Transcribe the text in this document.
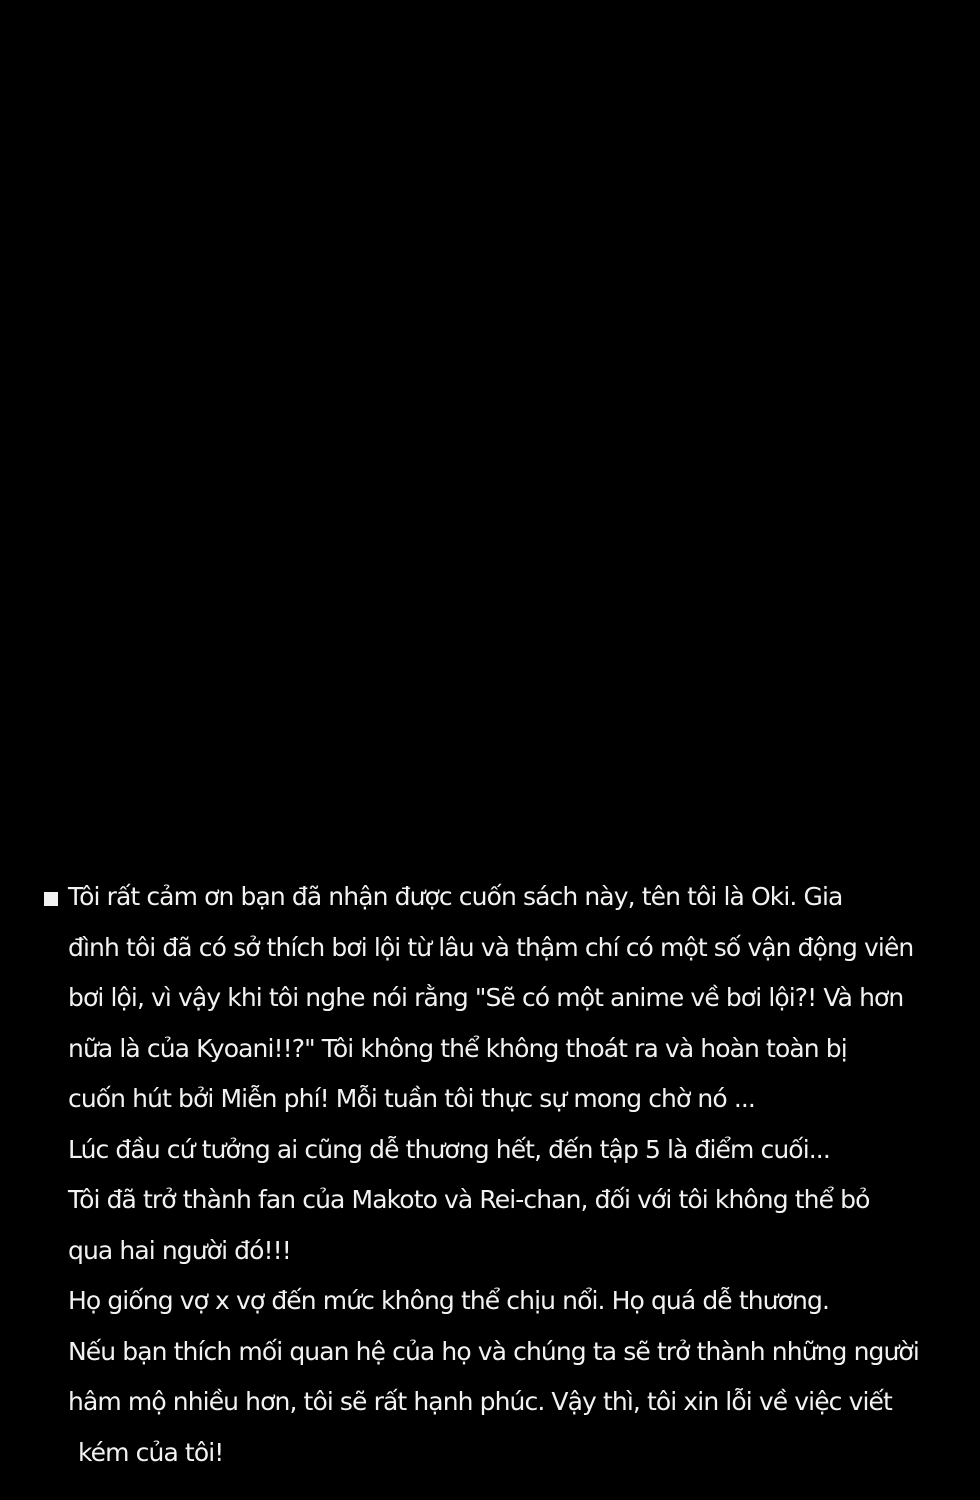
Tôi rất cảm ơn bạn đã nhận được cuốn sách này, tên tôi là Oki. Gia
đình tôi đã có sở thích bơi lội từ lâu và thậm chí có một số vận động viên
bơi lội, vì vậy khi tôi nghe nói rằng "Sẽ có một anime về bơi lội?! Và hơn
nữa là của Kyoani!!?" Tôi không thể không thoát ra và hoàn toàn bị
cuốn hút bởi Miễn phí! Mỗi tuần tôi thực sự mong chờ nó ...
Lúc đầu cứ tưởng ai cũng dễ thương hết, đến tập 5 là điểm cuối...
Tôi đã trở thành fan của Makoto và Rei-chan, đối với tôi không thể bỏ
qua hai người đó!!!
Họ giống vợ x vợ đến mức không thể chịu nổi. Họ quá dễ thương.
Nếu bạn thích mối quan hệ của họ và chúng ta sẽ trở thành những người
hâm mộ nhiều hơn, tôi sẽ rất hạnh phúc. Vậy thì, tôi xin lỗi về việc viết
kém của tôi!
